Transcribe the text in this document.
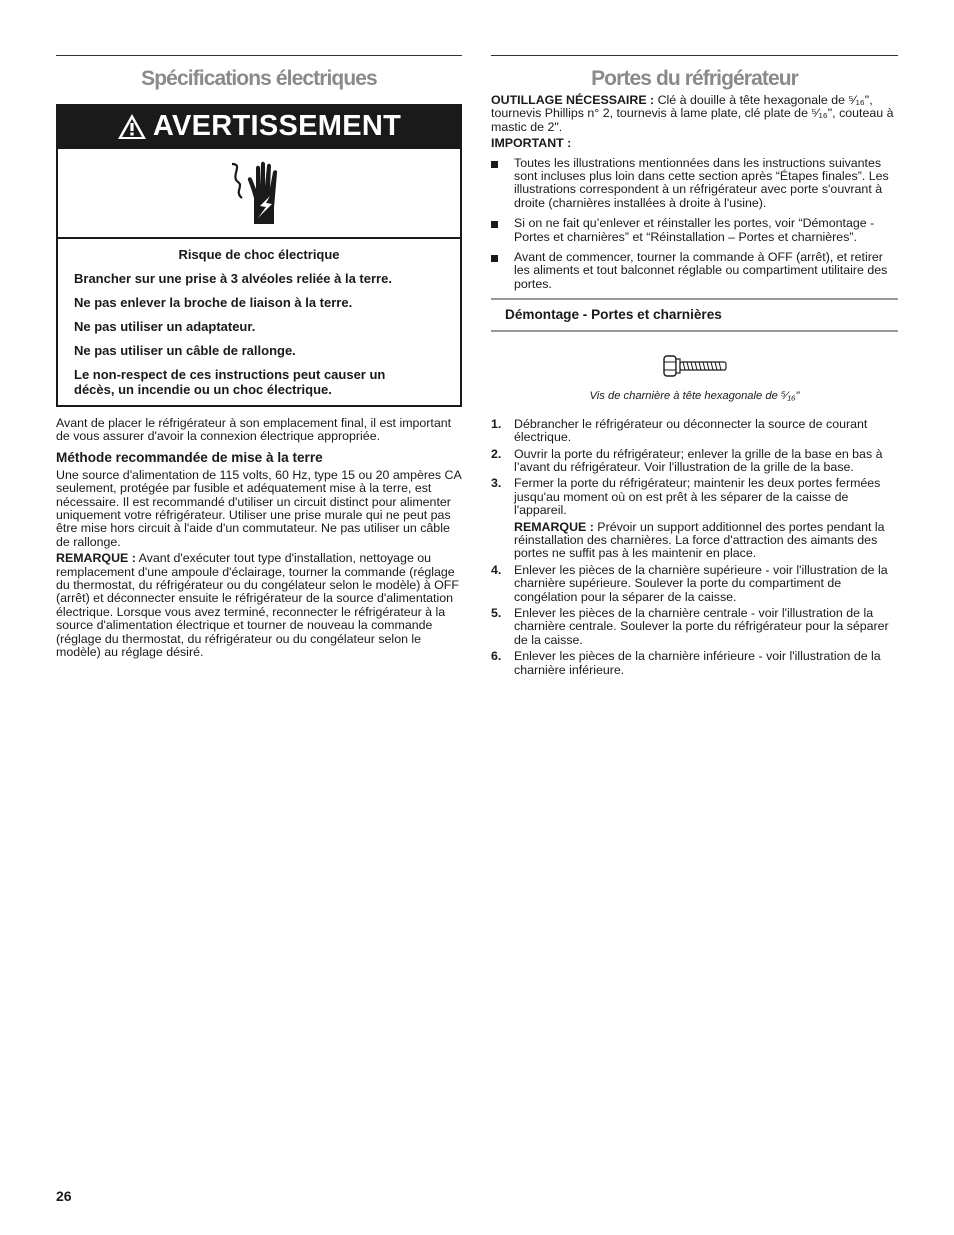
Spécifications électriques
AVERTISSEMENT

Risque de choc électrique

Brancher sur une prise à 3 alvéoles reliée à la terre.

Ne pas enlever la broche de liaison à la terre.

Ne pas utiliser un adaptateur.

Ne pas utiliser un câble de rallonge.

Le non-respect de ces instructions peut causer un décès, un incendie ou un choc électrique.

Avant de placer le réfrigérateur à son emplacement final, il est important de vous assurer d'avoir la connexion électrique appropriée.

Méthode recommandée de mise à la terre

Une source d'alimentation de 115 volts, 60 Hz, type 15 ou 20 ampères CA seulement, protégée par fusible et adéquatement mise à la terre, est nécessaire. Il est recommandé d'utiliser un circuit distinct pour alimenter uniquement votre réfrigérateur. Utiliser une prise murale qui ne peut pas être mise hors circuit à l'aide d'un commutateur. Ne pas utiliser un câble de rallonge.

REMARQUE : Avant d'exécuter tout type d'installation, nettoyage ou remplacement d'une ampoule d'éclairage, tourner la commande (réglage du thermostat, du réfrigérateur ou du congélateur selon le modèle) à OFF (arrêt) et déconnecter ensuite le réfrigérateur de la source d'alimentation électrique. Lorsque vous avez terminé, reconnecter le réfrigérateur à la source d'alimentation électrique et tourner de nouveau la commande (réglage du thermostat, du réfrigérateur ou du congélateur selon le modèle) au réglage désiré.

Portes du réfrigérateur

OUTILLAGE NÉCESSAIRE : Clé à douille à tête hexagonale de ⁵⁄₁₆", tournevis Phillips n° 2, tournevis à lame plate, clé plate de ⁵⁄₁₆", couteau à mastic de 2".

IMPORTANT :

Toutes les illustrations mentionnées dans les instructions suivantes sont incluses plus loin dans cette section après “Étapes finales”. Les illustrations correspondent à un réfrigérateur avec porte s'ouvrant à droite (charnières installées à droite à l'usine).
Si on ne fait qu’enlever et réinstaller les portes, voir “Démontage - Portes et charnières” et “Réinstallation – Portes et charnières”.
Avant de commencer, tourner la commande à OFF (arrêt), et retirer les aliments et tout balconnet réglable ou compartiment utilitaire des portes.
Démontage - Portes et charnières
Vis de charnière à tête hexagonale de ⁵⁄₁₆"
1. Débrancher le réfrigérateur ou déconnecter la source de courant électrique.
2. Ouvrir la porte du réfrigérateur; enlever la grille de la base en bas à l’avant du réfrigérateur. Voir l'illustration de la grille de la base.
3. Fermer la porte du réfrigérateur; maintenir les deux portes fermées jusqu'au moment où on est prêt à les séparer de la caisse de l'appareil.

REMARQUE : Prévoir un support additionnel des portes pendant la réinstallation des charnières. La force d'attraction des aimants des portes ne suffit pas à les maintenir en place.

4. Enlever les pièces de la charnière supérieure - voir l'illustration de la charnière supérieure. Soulever la porte du compartiment de congélation pour la séparer de la caisse.
5. Enlever les pièces de la charnière centrale - voir l'illustration de la charnière centrale. Soulever la porte du réfrigérateur pour la séparer de la caisse.
6. Enlever les pièces de la charnière inférieure - voir l'illustration de la charnière inférieure.
26
